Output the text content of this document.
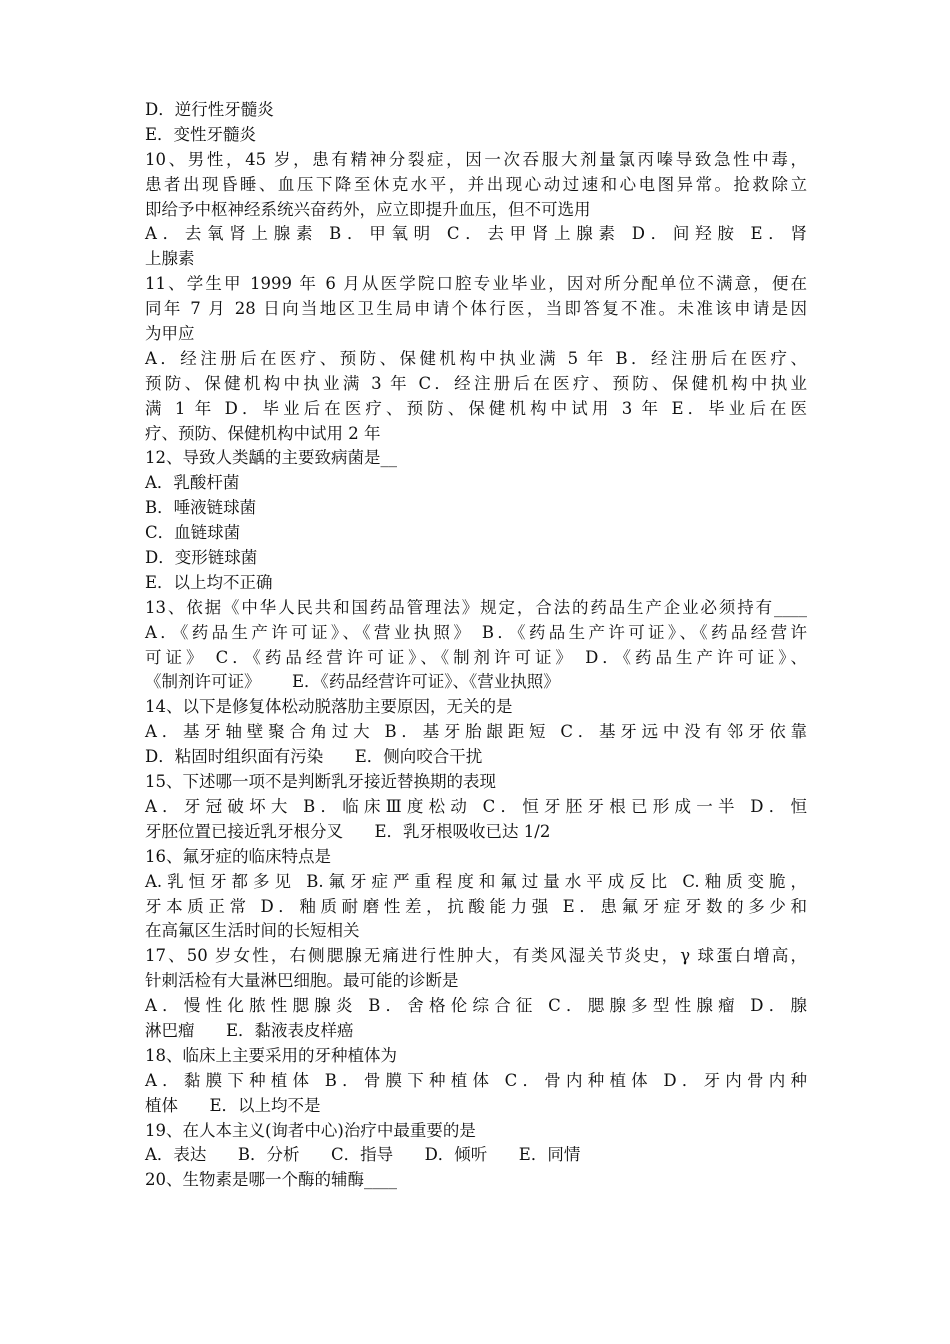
D．逆行性牙髓炎
E．变性牙髓炎
10、男性，45 岁，患有精神分裂症，因一次吞服大剂量氯丙嗪导致急性中毒，
患者出现昏睡、血压下降至休克水平，并出现心动过速和心电图异常。抢救除立
即给予中枢神经系统兴奋药外，应立即提升血压，但不可选用
A．去氧肾上腺素 B．甲氧明 C．去甲肾上腺素 D．间羟胺 E．肾
上腺素
11、学生甲 1999 年 6 月从医学院口腔专业毕业，因对所分配单位不满意，便在
同年 7 月 28 日向当地区卫生局申请个体行医，当即答复不准。未准该申请是因
为甲应
A．经注册后在医疗、预防、保健机构中执业满 5 年 B．经注册后在医疗、
预防、保健机构中执业满 3 年 C．经注册后在医疗、预防、保健机构中执业
满 1 年 D．毕业后在医疗、预防、保健机构中试用 3 年 E．毕业后在医
疗、预防、保健机构中试用 2 年
12、导致人类龋的主要致病菌是__
A．乳酸杆菌
B．唾液链球菌
C．血链球菌
D．变形链球菌
E．以上均不正确
13、依据《中华人民共和国药品管理法》规定，合法的药品生产企业必须持有____
A．《药品生产许可证》、《营业执照》 B．《药品生产许可证》、《药品经营许
可证》 C．《药品经营许可证》、《制剂许可证》 D．《药品生产许可证》、
《制剂许可证》      E．《药品经营许可证》、《营业执照》
14、以下是修复体松动脱落肋主要原因，无关的是
A．基牙轴壁聚合角过大 B．基牙胎龈距短 C．基牙远中没有邻牙依靠
D．粘固时组织面有污染      E．侧向咬合干扰
15、下述哪一项不是判断乳牙接近替换期的表现
A．牙冠破坏大 B．临床Ⅲ度松动 C．恒牙胚牙根已形成一半 D．恒
牙胚位置已接近乳牙根分叉      E．乳牙根吸收已达 1/2
16、氟牙症的临床特点是
A.乳恒牙都多见 B.氟牙症严重程度和氟过量水平成反比 C.釉质变脆，
牙本质正常 D．釉质耐磨性差，抗酸能力强 E．患氟牙症牙数的多少和
在高氟区生活时间的长短相关
17、50 岁女性，右侧腮腺无痛进行性肿大，有类风湿关节炎史，γ 球蛋白增高，
针刺活检有大量淋巴细胞。最可能的诊断是
A．慢性化脓性腮腺炎 B．舍格伦综合征 C．腮腺多型性腺瘤 D．腺
淋巴瘤      E．黏液表皮样癌
18、临床上主要采用的牙种植体为
A．黏膜下种植体 B．骨膜下种植体 C．骨内种植体 D．牙内骨内种
植体      E．以上均不是
19、在人本主义(询者中心)治疗中最重要的是
A．表达      B．分析      C．指导      D．倾听      E．同情
20、生物素是哪一个酶的辅酶____
